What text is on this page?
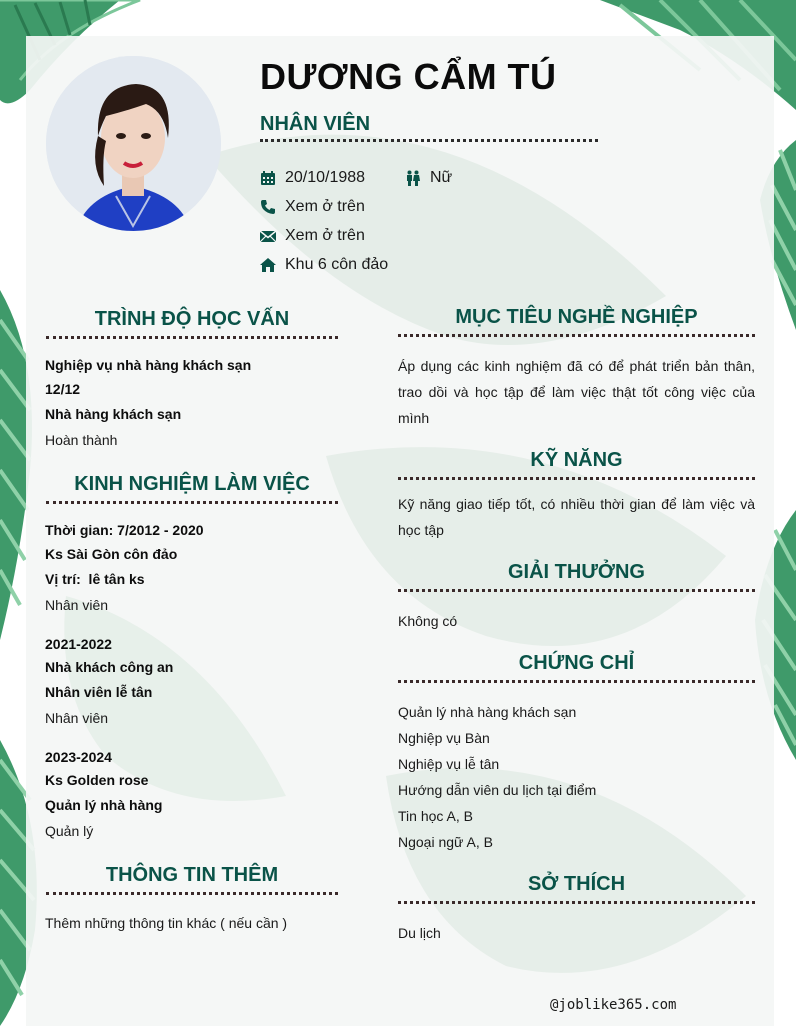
DƯƠNG CẨM TÚ
NHÂN VIÊN
20/10/1988	Nữ
Xem ở trên
Xem ở trên
Khu 6 côn đảo
TRÌNH ĐỘ HỌC VẤN
Nghiệp vụ nhà hàng khách sạn
12/12
Nhà hàng khách sạn
Hoàn thành
KINH NGHIỆM LÀM VIỆC
Thời gian: 7/2012 - 2020
Ks Sài Gòn côn đảo
Vị trí:  lê tân ks
Nhân viên
2021-2022
Nhà khách công an
Nhân viên lễ tân
Nhân viên
2023-2024
Ks Golden rose
Quản lý nhà hàng
Quản lý
THÔNG TIN THÊM
Thêm những thông tin khác ( nếu cần )
MỤC TIÊU NGHỀ NGHIỆP
Áp dụng các kinh nghiệm đã có để phát triển bản thân, trao dồi và học tập để làm việc thật tốt công việc của mình
KỸ NĂNG
Kỹ năng giao tiếp tốt, có nhiều thời gian để làm việc và học tập
GIẢI THƯỞNG
Không có
CHỨNG CHỈ
Quản lý nhà hàng khách sạn
Nghiệp vụ Bàn
Nghiệp vụ lễ tân
Hướng dẫn viên du lịch tại điểm
Tin học A, B
Ngoại ngữ A, B
SỞ THÍCH
Du lịch
@joblike365.com
